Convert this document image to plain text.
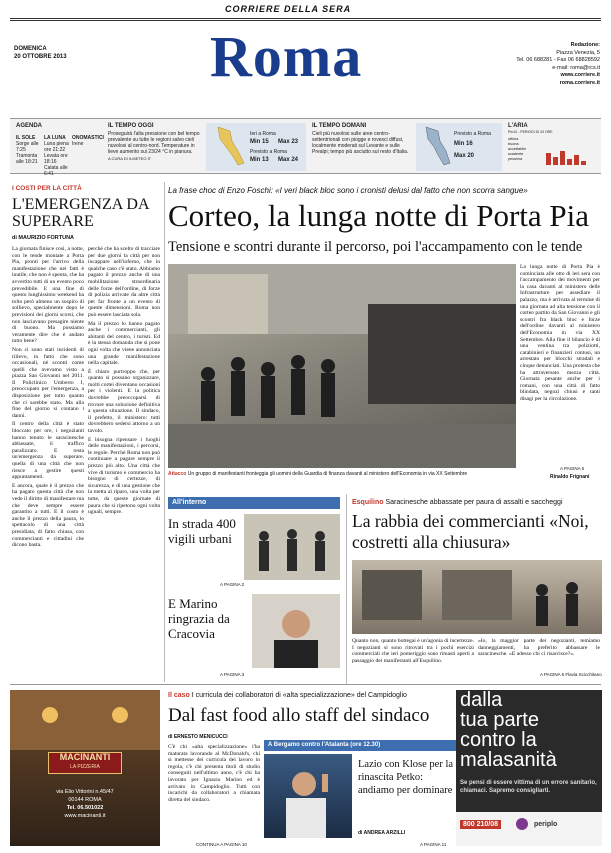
CORRIERE DELLA SERA
DOMENICA
20 OTTOBRE 2013 Roma	Redazione:
Piazza Venezia, 5
Tel. 06 688281 - Fax 06 68828592
e-mail: roma@rcs.it
www.corriere.it
roma.corriere.it
AGENDA
IL SOLE
Sorge alle 7:25 Tramonta alle 18:21
LA LUNA
Luna piena ore 21:22 Levata ore 18:16 Calata alle 6:41
ONOMASTICI
Irene
IL TEMPO OGGI
Proseguirà l'alta pressione con bel tempo prevalente su tutte le regioni salvo cieli nuvolosi al centro-nord. Temperature in lieve aumento sui 23/24 °C in pianura.
A CURA DI ILMETEO.IT
Ieri a Roma
Min 15 Max 23
Previsto a Roma
Min 13 Max 24
IL TEMPO DOMANI
Cieli più nuvolosi sulle aree centro-settentrionali con piogge e rovesci diffusi, localmente moderati sul Levante e sulle Prealpi; tempo più asciutto sul resto d'Italia.
Previsto a Roma
Min 16
Max 20
L'ARIA
Pm10 - PERIODI DI 24 ORE
ottima
buona
accettabile
scadente
pessima
I COSTI PER LA CITTÀ
L'EMERGENZA DA SUPERARE
di MAURIZIO FORTUNA

La giornata finisce così, a notte, con le tende montate a Porta Pia, pronti per l'arrivo della manifestazione che nei fatti è inutile, che non è spenta, che ha avvertito tutti di un evento poco prevedibile. E una fine di questo lunghissimo weekend ha tolto però almeno un sospiro di sollievo, specialmente dopo le previsioni dei giorni scorsi, che non lasciavano presagire niente di buono. Ma possiamo veramente dire che è andato tutto bene?

Non ci sono stati incidenti di rilievo, in fatto che sono occasionali, né scontri come quelli che avevamo visto a piazza San Giovanni nel 2011. Il Policlinico Umberto I, preoccupato per l'emergenza, a disposizione per tutto quanto che ci sarebbe stato. Ma alla fine del giorno si contano i danni.

Il centro della città è stato bloccato per ore, i negozianti hanno tenuto le saracinesche abbassate, il traffico paralizzato. E resta un'emergenza da superare, quella di una città che non riesce a gestire questi appuntamenti.

E ancora, quale è il prezzo che ha pagato questa città che non vede il diritto di manifestare ma che deve sempre essere garantito a tutti. E il costo è anche il prezzo della paura, lo spettacolo di una città presidiata, di fatto chiusa, con commercianti e cittadini che dicono basta.

perché che ha scelto di tracciare per due giorni la città per non incappare nell'inferno, che in qualche caso c'è stato. Abbiamo pagato il prezzo anche di una mobilitazione straordinaria delle forze dell'ordine, di forze di polizia arrivate da altre città per far fronte a un evento di queste dimensioni. Roma non può essere lasciata sola.

Ma il prezzo lo hanno pagato anche i commercianti, gli abitanti del centro, i turisti. Ed è la stessa domanda che si pone ogni volta che viene annunciata una grande manifestazione nella capitale.

È chiaro purtroppo che, per quanto si possano organizzare, molti cortei diventano occasioni per i violenti. E la politica dovrebbe preoccuparsi di trovare una soluzione definitiva a questa situazione. Il sindaco, il prefetto, il ministero: tutti dovrebbero sedersi attorno a un tavolo.

E bisogna ripensare i luoghi delle manifestazioni, i percorsi, le regole. Perché Roma non può continuare a pagare sempre il prezzo più alto. Una città che vive di turismo e commercio ha bisogno di certezze, di sicurezza, e di una gestione che la metta al riparo, una volta per tutte, da queste giornate di paura che si ripetono ogni volta uguali, sempre.

La frase choc di Enzo Foschi: «I veri black bloc sono i cronisti delusi dal fatto che non scorra sangue»
Corteo, la lunga notte di Porta Pia
Tensione e scontri durante il percorso, poi l'accampamento con le tende
Attacco Un gruppo di manifestanti fronteggia gli uomini della Guardia di finanza davanti al ministero dell'Economia in via XX Settembre

La lunga notte di Porta Pia è cominciata alle otto di ieri sera con l'accampamento dei movimenti per la casa davanti al ministero delle Infrastrutture per assediare il palazzo, ma è arrivata al termine di una giornata ad alta tensione con il corteo partito da San Giovanni e gli scontri fra black bloc e forze dell'ordine davanti al ministero dell'Economia in via XX Settembre. Alla fine il bilancio è di una ventina tra poliziotti, carabinieri e finanzieri contusi, un arrestato per blocchi stradali e cinque denunciati. Una protesta che ha attraversato mezza città. Giornata pesante anche per i romani, con una città di fatto blindata, negozi chiusi e tanti disagi per la circolazione.

A PAGINA 5
Rinaldo Frignani
All'interno
In strada 400 vigili urbani
A PAGINA 2
E Marino ringrazia da Cracovia
A PAGINA 3
Esquilino Saracinesche abbassate per paura di assalti e saccheggi
La rabbia dei commercianti «Noi, costretti alla chiusura»

Quanto non, quanto bottegai è un'agonia di incertezze. I negozianti si sono ritrovati tra i pochi esercizi commerciali che ieri pomeriggio sono rimasti aperti a passaggio dei manifestanti all'Esquilino.

«Io, la maggior parte dei negozianti, temiamo danneggiamenti, ha preferito abbassare le saracinesche. «E adesso chi ci risarcisce?».

A PAGINA 6 Flavia Scicchitano
MACINANTI
LA PIZZERIA
via Elio Vittorini n.45/47
00144 ROMA
Tel. 06.501022
www.macinanti.it
Il caso I curricula dei collaboratori di «alta specializzazione» del Campidoglio
Dal fast food allo staff del sindaco
di ERNESTO MENICUCCI

C'è chi «alta specializzazione» l'ha maturata lavorando al McDonald's, chi si mettesse dei curricula dei lavoro in regola, c'è chi presenta titoli di studio conseguiti nell'ultimo anno, c'è chi ha lavorato per Ignazio Marino ed è arrivato in Campidoglio. Tutti con incarichi da collaboratori a chiamata diretta del sindaco.

CONTINUA A PAGINA 10
A Bergamo contro l'Atalanta (ore 12.30)
Lazio con Klose per la rinascita Petko: andiamo per dominare
di ANDREA ARZILLI
A PAGINA 11
dalla
tua parte
contro la
malasanità
Se pensi di essere vittima di un errore sanitario, chiamaci. Sapremo consigliarti.
800 210/08	periplo
